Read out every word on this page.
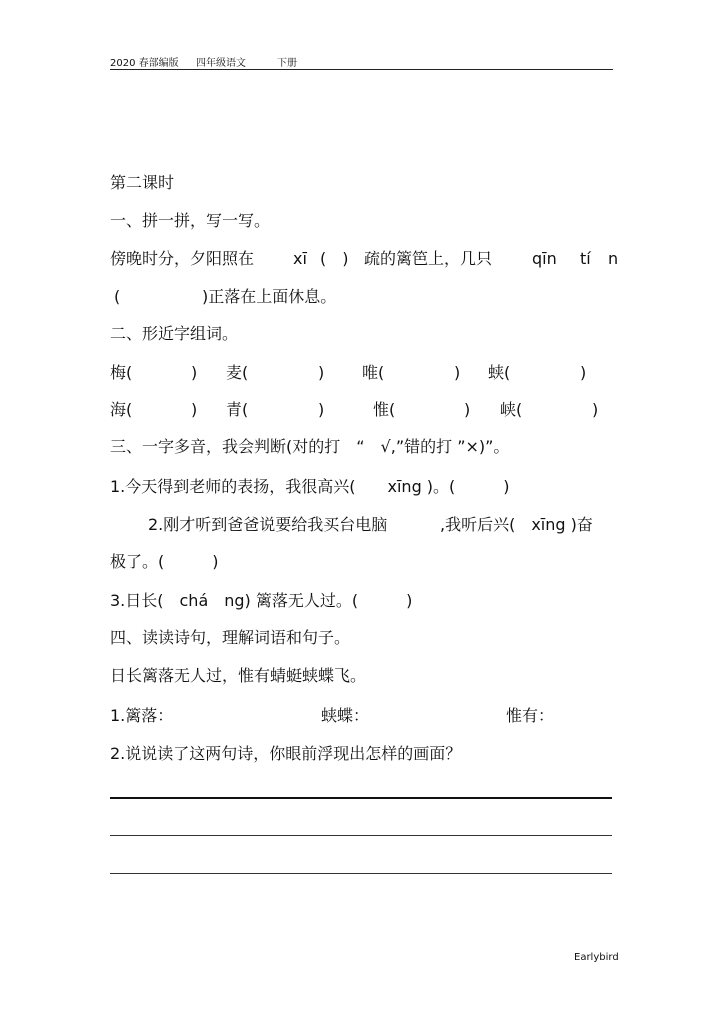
2020 春部编版 四年级语文	下册
第二课时
一、拼一拼，写一写。
傍晚时分，夕阳照在 xī (　) 疏的篱笆上，几只 qīn tí n
(	)正落在上面休息。
二、形近字组词。
梅(	) 麦(	) 唯(	) 蛱(	)
海(	) 青(	)	惟(	) 峡(	)
三、一字多音，我会判断(对的打　“　√,”错的打 ”×)”。
1.今天得到老师的表扬，我很高兴(　　xīng )。(　　　)
2.刚才听到爸爸说要给我买台电脑	,我听后兴(　xīng )奋
极了。(　　　)
3.日长(　chá　ng) 篱落无人过。(　　　)
四、读读诗句，理解词语和句子。
日长篱落无人过，惟有蜻蜓蛱蝶飞。
1.篱落：	蛱蝶：	惟有：
2.说说读了这两句诗，你眼前浮现出怎样的画面？
Earlybird
